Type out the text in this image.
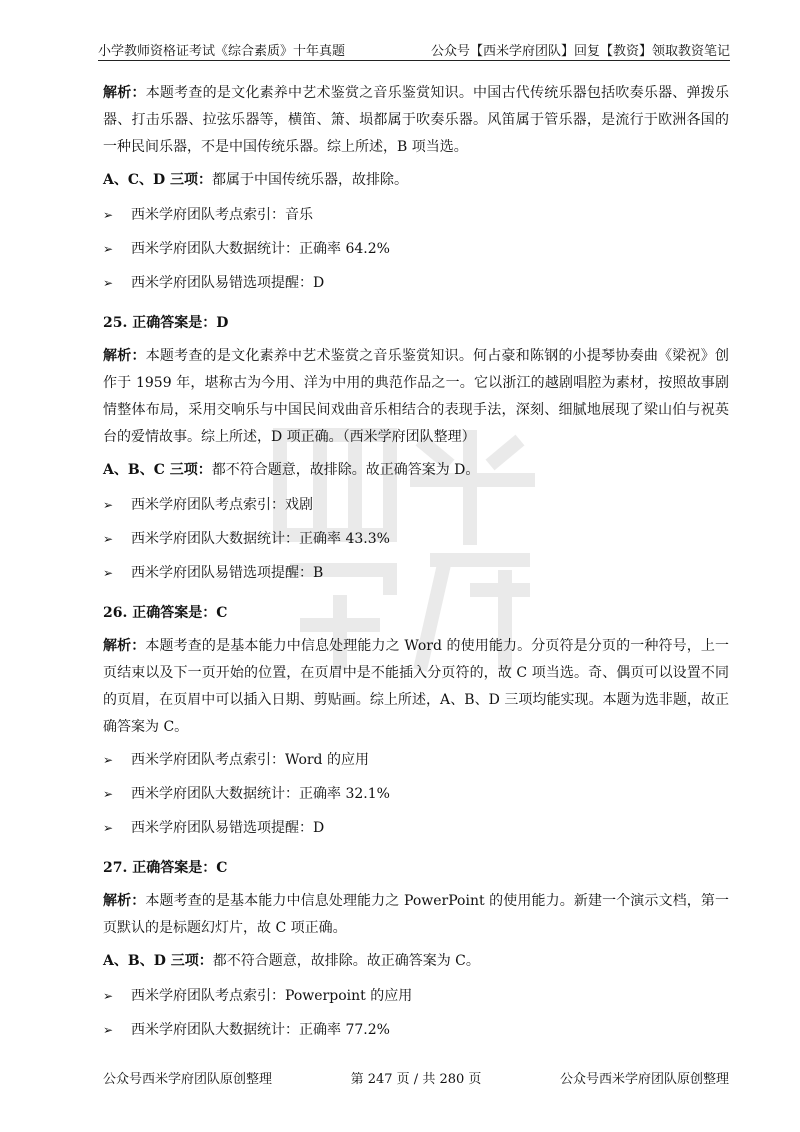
小学教师资格证考试《综合素质》十年真题	公众号【西米学府团队】回复【教资】领取教资笔记

解析：本题考查的是文化素养中艺术鉴赏之音乐鉴赏知识。中国古代传统乐器包括吹奏乐器、弹拨乐器、打击乐器、拉弦乐器等，横笛、箫、埙都属于吹奏乐器。风笛属于管乐器，是流行于欧洲各国的一种民间乐器，不是中国传统乐器。综上所述，B 项当选。

A、C、D 三项：都属于中国传统乐器，故排除。

➢	西米学府团队考点索引：音乐
➢	西米学府团队大数据统计：正确率 64.2%
➢	西米学府团队易错选项提醒：D
25. 正确答案是：D

解析：本题考查的是文化素养中艺术鉴赏之音乐鉴赏知识。何占豪和陈钢的小提琴协奏曲《梁祝》创作于 1959 年，堪称古为今用、洋为中用的典范作品之一。它以浙江的越剧唱腔为素材，按照故事剧情整体布局，采用交响乐与中国民间戏曲音乐相结合的表现手法，深刻、细腻地展现了梁山伯与祝英台的爱情故事。综上所述，D 项正确。（西米学府团队整理）

A、B、C 三项：都不符合题意，故排除。故正确答案为 D。

➢	西米学府团队考点索引：戏剧
➢	西米学府团队大数据统计：正确率 43.3%
➢	西米学府团队易错选项提醒：B
26. 正确答案是：C

解析：本题考查的是基本能力中信息处理能力之 Word 的使用能力。分页符是分页的一种符号，上一页结束以及下一页开始的位置，在页眉中是不能插入分页符的，故 C 项当选。奇、偶页可以设置不同的页眉，在页眉中可以插入日期、剪贴画。综上所述，A、B、D 三项均能实现。本题为选非题，故正确答案为 C。

➢	西米学府团队考点索引：Word 的应用
➢	西米学府团队大数据统计：正确率 32.1%
➢	西米学府团队易错选项提醒：D
27. 正确答案是：C

解析：本题考查的是基本能力中信息处理能力之 PowerPoint 的使用能力。新建一个演示文档，第一页默认的是标题幻灯片，故 C 项正确。

A、B、D 三项：都不符合题意，故排除。故正确答案为 C。

➢	西米学府团队考点索引：Powerpoint 的应用
➢	西米学府团队大数据统计：正确率 77.2%
公众号西米学府团队原创整理	第 247 页 / 共 280 页	公众号西米学府团队原创整理
